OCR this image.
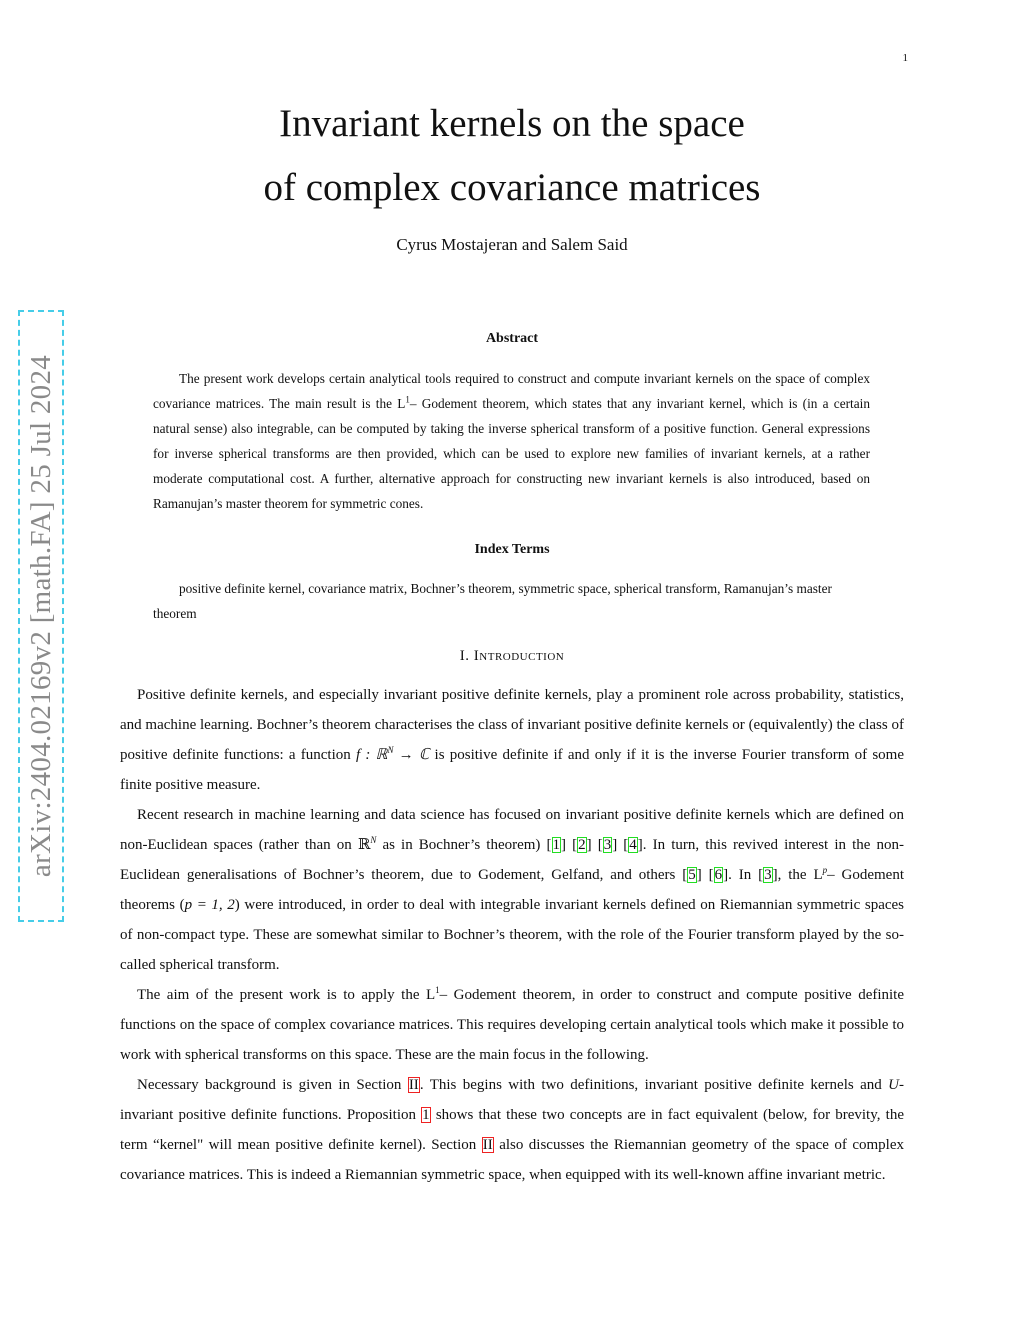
1
arXiv:2404.02169v2 [math.FA] 25 Jul 2024
Invariant kernels on the space
of complex covariance matrices
Cyrus Mostajeran and Salem Said
Abstract

The present work develops certain analytical tools required to construct and compute invariant kernels on the space of complex covariance matrices. The main result is the $L^1-$ Godement theorem, which states that any invariant kernel, which is (in a certain natural sense) also integrable, can be computed by taking the inverse spherical transform of a positive function. General expressions for inverse spherical transforms are then provided, which can be used to explore new families of invariant kernels, at a rather moderate computational cost. A further, alternative approach for constructing new invariant kernels is also introduced, based on Ramanujan’s master theorem for symmetric cones.

Index Terms

positive definite kernel, covariance matrix, Bochner’s theorem, symmetric space, spherical transform, Ramanujan’s master theorem

I. Introduction

Positive definite kernels, and especially invariant positive definite kernels, play a prominent role across probability, statistics, and machine learning. Bochner’s theorem characterises the class of invariant positive definite kernels or (equivalently) the class of positive definite functions: a function f : ℝ$^N$ → ℂ is positive definite if and only if it is the inverse Fourier transform of some finite positive measure.

Recent research in machine learning and data science has focused on invariant positive definite kernels which are defined on non-Euclidean spaces (rather than on ℝ$^N$ as in Bochner’s theorem) [1] [2] [3] [4]. In turn, this revived interest in the non-Euclidean generalisations of Bochner’s theorem, due to Godement, Gelfand, and others [5] [6]. In [3], the $L^p-$ Godement theorems (p = 1, 2) were introduced, in order to deal with integrable invariant kernels defined on Riemannian symmetric spaces of non-compact type. These are somewhat similar to Bochner’s theorem, with the role of the Fourier transform played by the so-called spherical transform.

The aim of the present work is to apply the $L^1-$ Godement theorem, in order to construct and compute positive definite functions on the space of complex covariance matrices. This requires developing certain analytical tools which make it possible to work with spherical transforms on this space. These are the main focus in the following.

Necessary background is given in Section II. This begins with two definitions, invariant positive definite kernels and U-invariant positive definite functions. Proposition 1 shows that these two concepts are in fact equivalent (below, for brevity, the term “kernel" will mean positive definite kernel). Section II also discusses the Riemannian geometry of the space of complex covariance matrices. This is indeed a Riemannian symmetric space, when equipped with its well-known affine invariant metric.
